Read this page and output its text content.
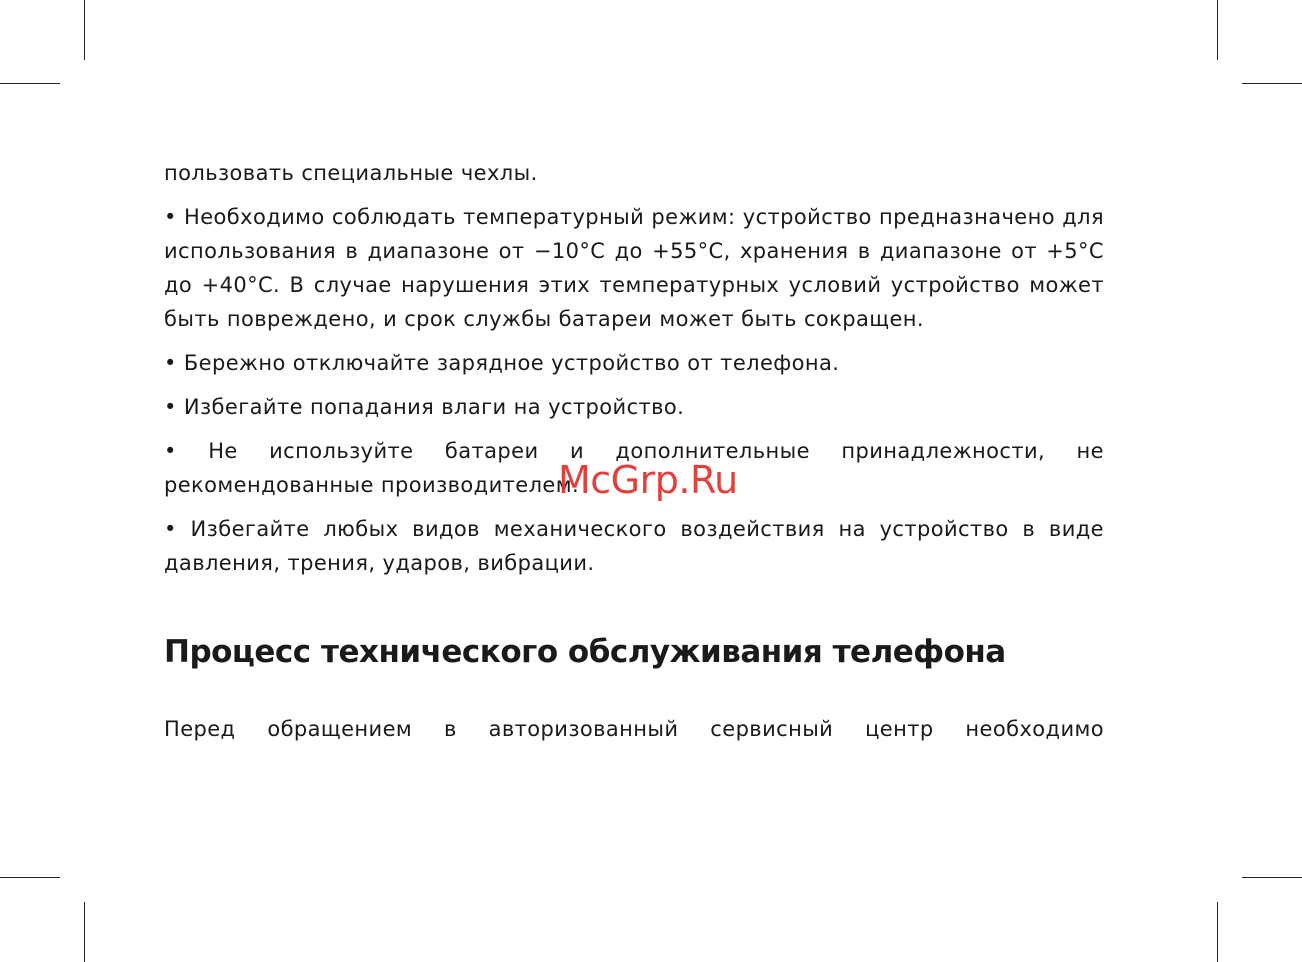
пользовать специальные чехлы.

• Необходимо соблюдать температурный режим: устройство предназначено для использования в диапазоне от −10°С до +55°С, хранения в диапазоне от +5°С до +40°С. В случае нарушения этих температурных условий устройство может быть повреждено, и срок службы батареи может быть сокращен.

• Бережно отключайте зарядное устройство от телефона.

• Избегайте попадания влаги на устройство.

• Не используйте батареи и дополнительные принадлежности, не рекомендованные производителем.

• Избегайте любых видов механического воздействия на устройство в виде давления, трения, ударов, вибрации.

Процесс технического обслуживания телефона

Перед обращением в авторизованный сервисный центр необходимо

McGrp.Ru
